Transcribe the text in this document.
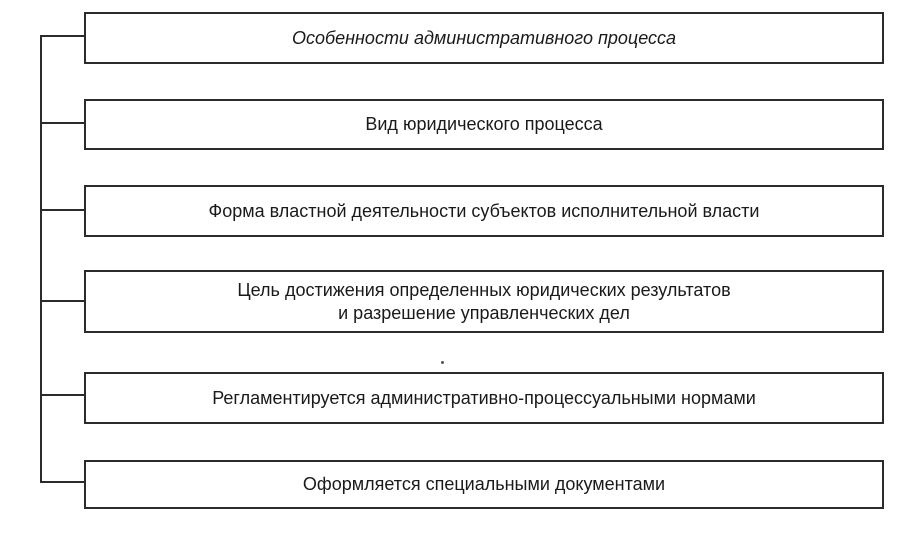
Особенности административного процесса
Вид юридического процесса
Форма властной деятельности субъектов исполнительной власти
Цель достижения определенных юридических результатов
и разрешение управленческих дел
Регламентируется административно-процессуальными нормами
Оформляется специальными документами
